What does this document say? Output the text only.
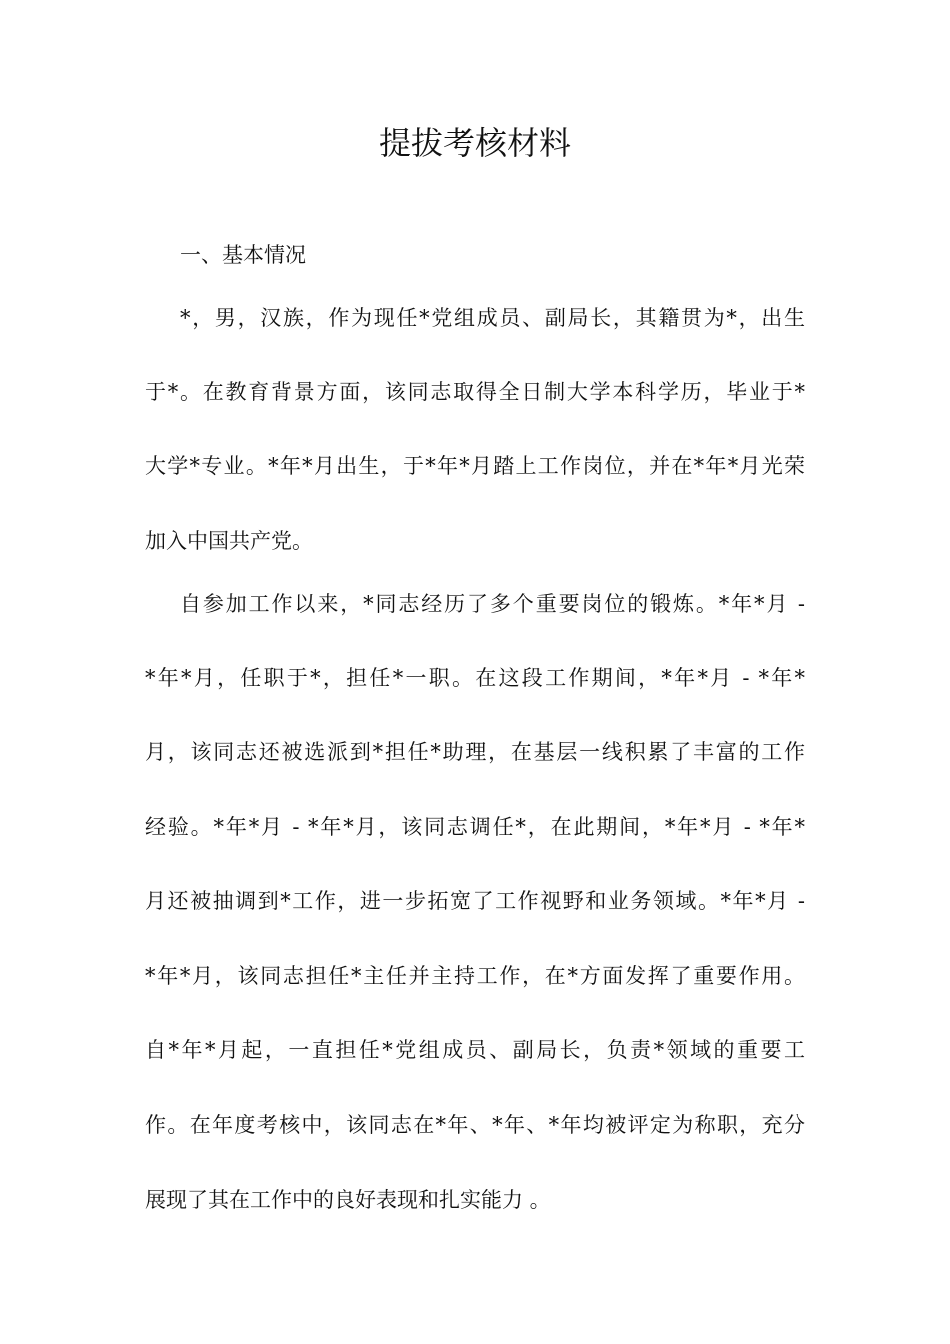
提拔考核材料
一、基本情况
*，男，汉族，作为现任*党组成员、副局长，其籍贯为*，出生
于*。在教育背景方面，该同志取得全日制大学本科学历，毕业于*
大学*专业。*年*月出生，于*年*月踏上工作岗位，并在*年*月光荣
加入中国共产党。
自参加工作以来，*同志经历了多个重要岗位的锻炼。*年*月 -
*年*月，任职于*，担任*一职。在这段工作期间，*年*月 - *年*
月，该同志还被选派到*担任*助理，在基层一线积累了丰富的工作
经验。*年*月 - *年*月，该同志调任*，在此期间，*年*月 - *年*
月还被抽调到*工作，进一步拓宽了工作视野和业务领域。*年*月 -
*年*月，该同志担任*主任并主持工作，在*方面发挥了重要作用。
自*年*月起，一直担任*党组成员、副局长，负责*领域的重要工
作。在年度考核中，该同志在*年、*年、*年均被评定为称职，充分
展现了其在工作中的良好表现和扎实能力 。
